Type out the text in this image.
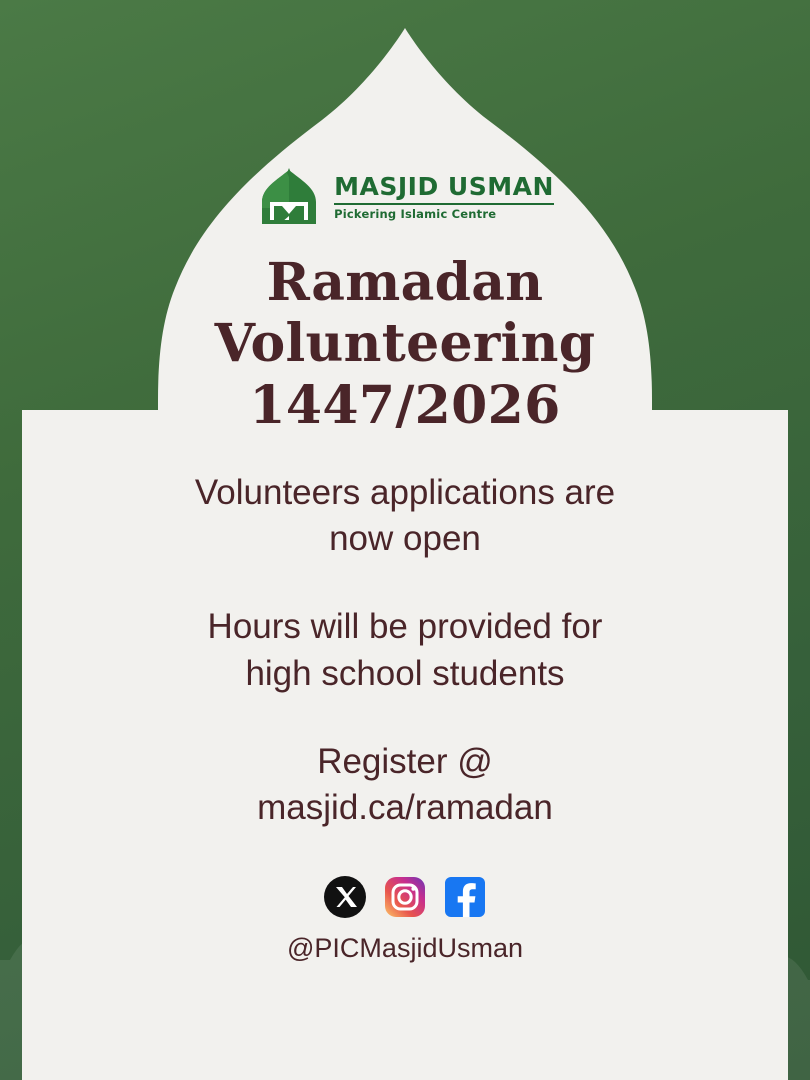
MASJID USMAN
Pickering Islamic Centre
Ramadan
Volunteering
1447/2026

Volunteers applications are
now open

Hours will be provided for
high school students

Register @
masjid.ca/ramadan

@PICMasjidUsman
